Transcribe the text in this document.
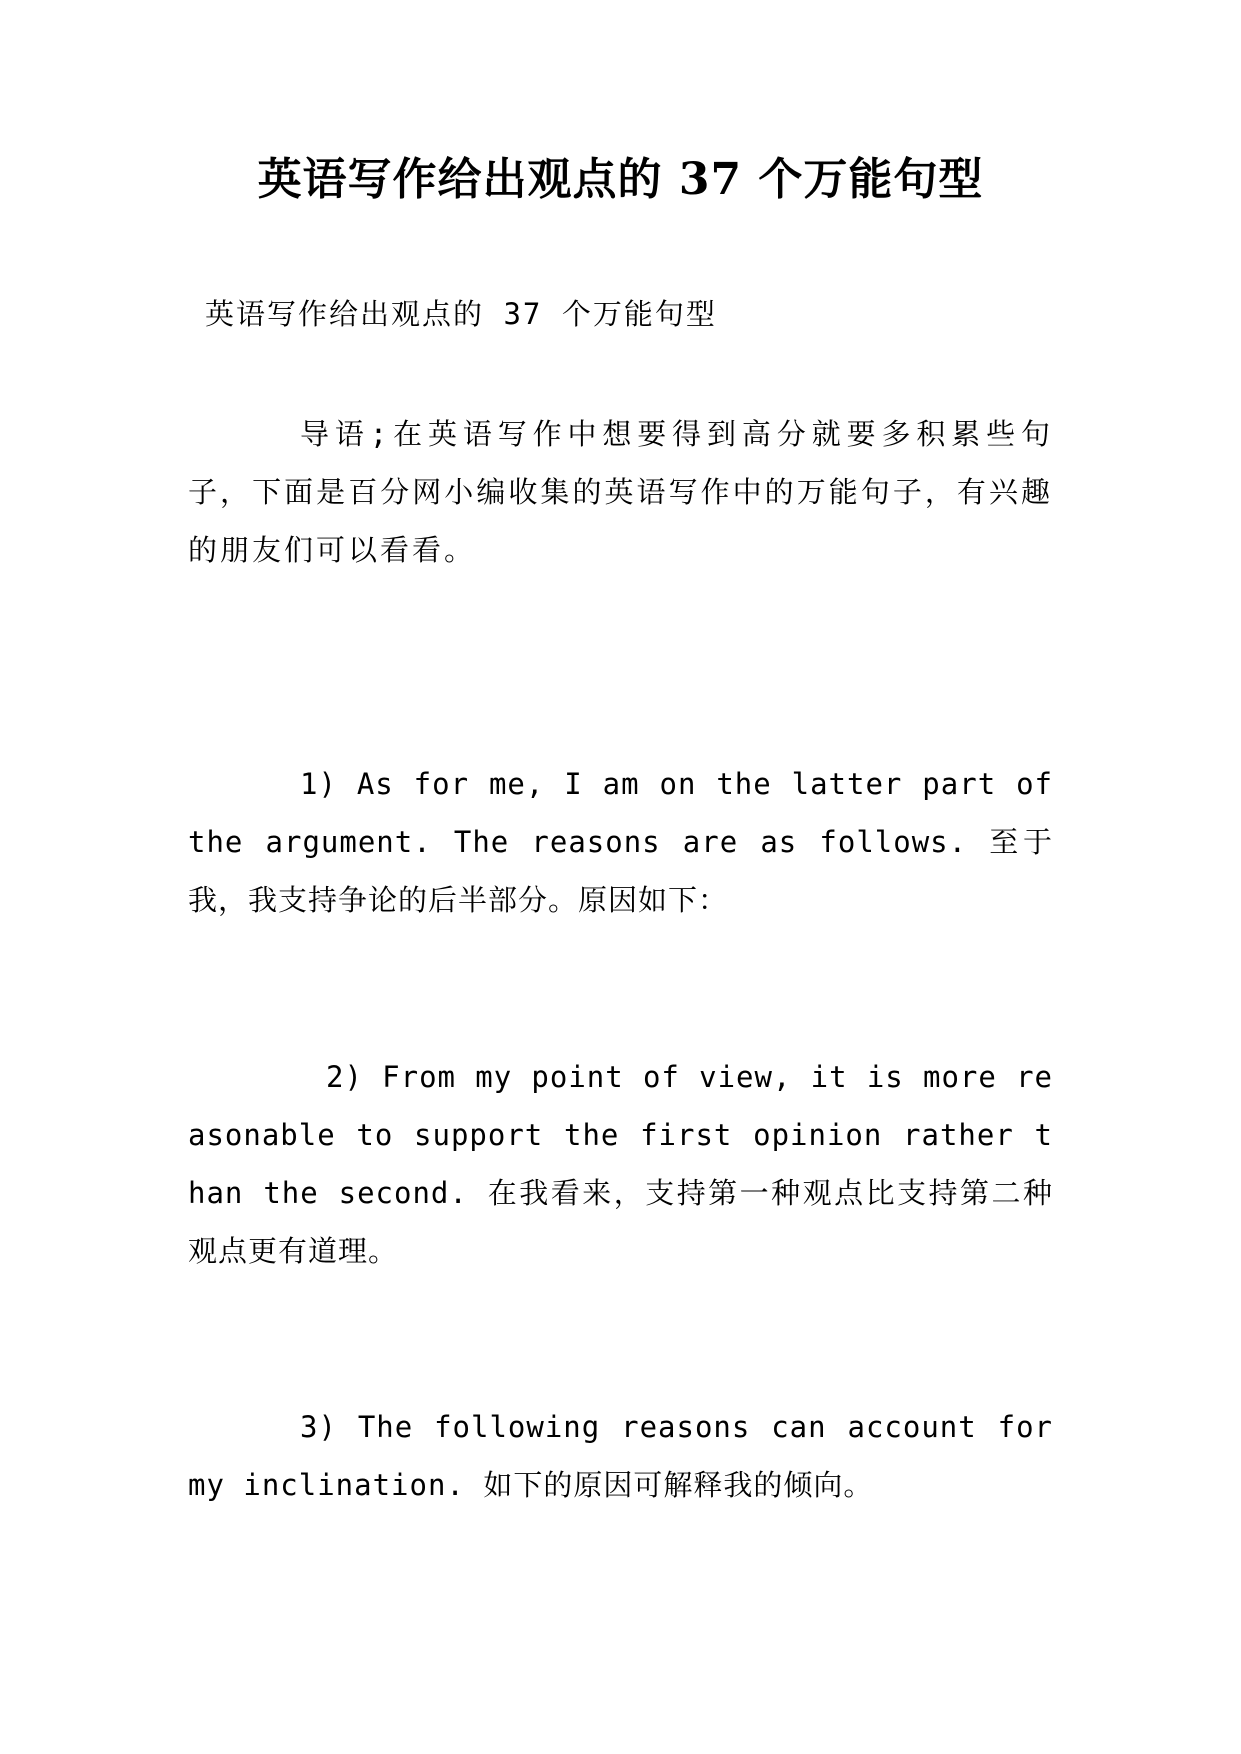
英语写作给出观点的 37 个万能句型
英语写作给出观点的 37 个万能句型
导语;在英语写作中想要得到高分就要多积累些句子，下面是百分网小编收集的英语写作中的万能句子，有兴趣的朋友们可以看看。
1) As for me, I am on the latter part of the argument. The reasons are as follows. 至于我，我支持争论的后半部分。原因如下：
2) From my point of view, it is more reasonable to support the first opinion rather than the second. 在我看来，支持第一种观点比支持第二种观点更有道理。
3) The following reasons can account for my inclination. 如下的原因可解释我的倾向。
